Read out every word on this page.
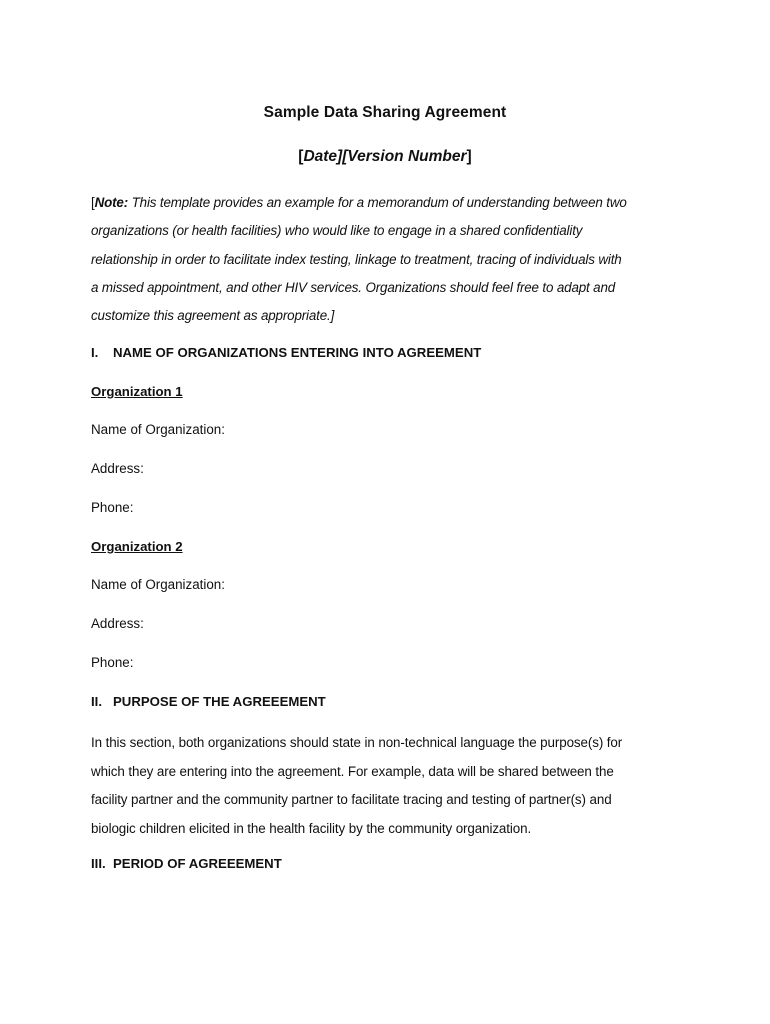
Sample Data Sharing Agreement
[Date][Version Number]
[Note: This template provides an example for a memorandum of understanding between two
organizations (or health facilities) who would like to engage in a shared confidentiality
relationship in order to facilitate index testing, linkage to treatment, tracing of individuals with
a missed appointment, and other HIV services. Organizations should feel free to adapt and
customize this agreement as appropriate.]
I. NAME OF ORGANIZATIONS ENTERING INTO AGREEMENT
Organization 1
Name of Organization:
Address:
Phone:
Organization 2
Name of Organization:
Address:
Phone:
II. PURPOSE OF THE AGREEEMENT
In this section, both organizations should state in non-technical language the purpose(s) for
which they are entering into the agreement. For example, data will be shared between the
facility partner and the community partner to facilitate tracing and testing of partner(s) and
biologic children elicited in the health facility by the community organization.
III. PERIOD OF AGREEEMENT
